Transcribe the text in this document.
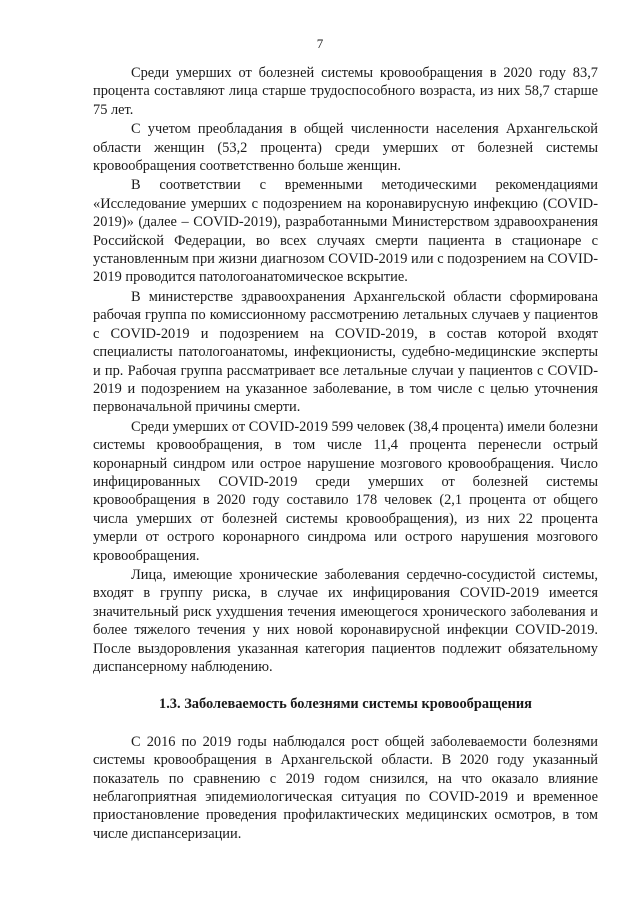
7

Среди умерших от болезней системы кровообращения в 2020 году 83,7 процента составляют лица старше трудоспособного возраста, из них 58,7 старше 75 лет.

С учетом преобладания в общей численности населения Архангельской области женщин (53,2 процента) среди умерших от болезней системы кровообращения соответственно больше женщин.

В соответствии с временными методическими рекомендациями «Исследование умерших с подозрением на коронавирусную инфекцию (COVID-2019)» (далее – COVID-2019), разработанными Министерством здравоохранения Российской Федерации, во всех случаях смерти пациента в стационаре с установленным при жизни диагнозом COVID-2019 или с подозрением на COVID-2019 проводится патологоанатомическое вскрытие.

В министерстве здравоохранения Архангельской области сформирована рабочая группа по комиссионному рассмотрению летальных случаев у пациентов с COVID-2019 и подозрением на COVID-2019, в состав которой входят специалисты патологоанатомы, инфекционисты, судебно-медицинские эксперты и пр. Рабочая группа рассматривает все летальные случаи у пациентов с COVID-2019 и подозрением на указанное заболевание, в том числе с целью уточнения первоначальной причины смерти.

Среди умерших от COVID-2019 599 человек (38,4 процента) имели болезни системы кровообращения, в том числе 11,4 процента перенесли острый коронарный синдром или острое нарушение мозгового кровообращения. Число инфицированных COVID-2019 среди умерших от болезней системы кровообращения в 2020 году составило 178 человек (2,1 процента от общего числа умерших от болезней системы кровообращения), из них 22 процента умерли от острого коронарного синдрома или острого нарушения мозгового кровообращения.

Лица, имеющие хронические заболевания сердечно-сосудистой системы, входят в группу риска, в случае их инфицирования COVID-2019 имеется значительный риск ухудшения течения имеющегося хронического заболевания и более тяжелого течения у них новой коронавирусной инфекции COVID-2019. После выздоровления указанная категория пациентов подлежит обязательному диспансерному наблюдению.

1.3. Заболеваемость болезнями системы кровообращения

С 2016 по 2019 годы наблюдался рост общей заболеваемости болезнями системы кровообращения в Архангельской области. В 2020 году указанный показатель по сравнению с 2019 годом снизился, на что оказало влияние неблагоприятная эпидемиологическая ситуация по COVID-2019 и временное приостановление проведения профилактических медицинских осмотров, в том числе диспансеризации.
